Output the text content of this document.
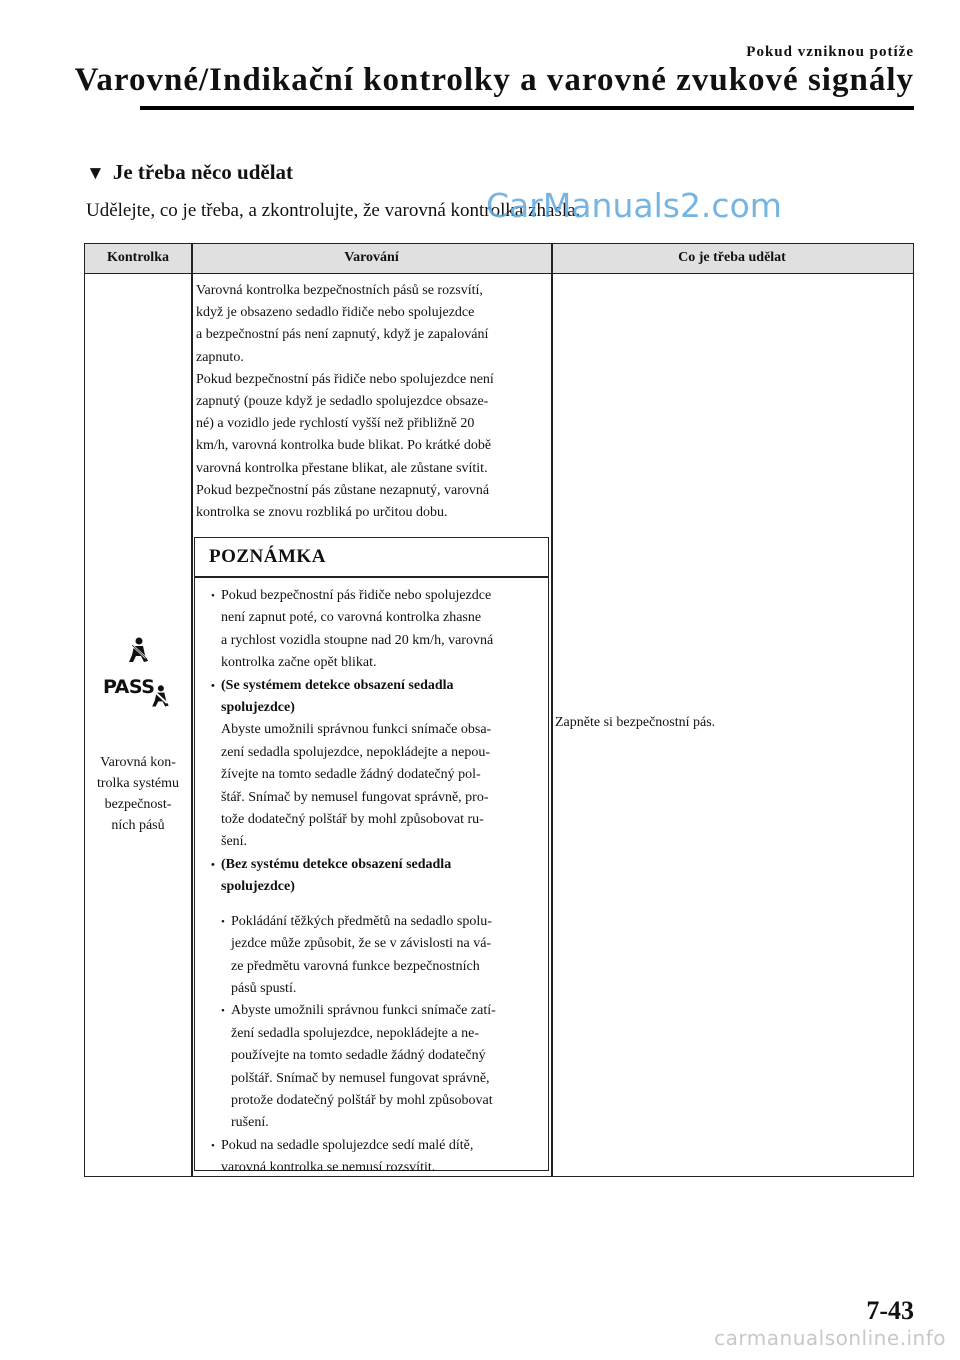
Pokud vzniknou potíže
Varovné/Indikační kontrolky a varovné zvukové signály
▼ Je třeba něco udělat
Udělejte, co je třeba, a zkontrolujte, že varovná kontrolka zhasla.
CarManuals2.com
Kontrolka	Varování	Co je třeba udělat
PASS
Varovná kon-
trolka systému
bezpečnost-
ních pásů
Varovná kontrolka bezpečnostních pásů se rozsvítí,
když je obsazeno sedadlo řidiče nebo spolujezdce
a bezpečnostní pás není zapnutý, když je zapalování
zapnuto.
Pokud bezpečnostní pás řidiče nebo spolujezdce není
zapnutý (pouze když je sedadlo spolujezdce obsaze-
né) a vozidlo jede rychlostí vyšší než přibližně 20
km/h, varovná kontrolka bude blikat. Po krátké době
varovná kontrolka přestane blikat, ale zůstane svítit.
Pokud bezpečnostní pás zůstane nezapnutý, varovná
kontrolka se znovu rozbliká po určitou dobu.
POZNÁMKA
• Pokud bezpečnostní pás řidiče nebo spolujezdce
není zapnut poté, co varovná kontrolka zhasne
a rychlost vozidla stoupne nad 20 km/h, varovná
kontrolka začne opět blikat.
• (Se systémem detekce obsazení sedadla
spolujezdce)
Abyste umožnili správnou funkci snímače obsa-
zení sedadla spolujezdce, nepokládejte a nepou-
žívejte na tomto sedadle žádný dodatečný pol-
štář. Snímač by nemusel fungovat správně, pro-
tože dodatečný polštář by mohl způsobovat ru-
šení.
• (Bez systému detekce obsazení sedadla
spolujezdce)
• Pokládání těžkých předmětů na sedadlo spolu-
jezdce může způsobit, že se v závislosti na vá-
ze předmětu varovná funkce bezpečnostních
pásů spustí.
• Abyste umožnili správnou funkci snímače zatí-
žení sedadla spolujezdce, nepokládejte a ne-
používejte na tomto sedadle žádný dodatečný
polštář. Snímač by nemusel fungovat správně,
protože dodatečný polštář by mohl způsobovat
rušení.
• Pokud na sedadle spolujezdce sedí malé dítě,
varovná kontrolka se nemusí rozsvítit.
Zapněte si bezpečnostní pás.
7-43
carmanualsonline.info
